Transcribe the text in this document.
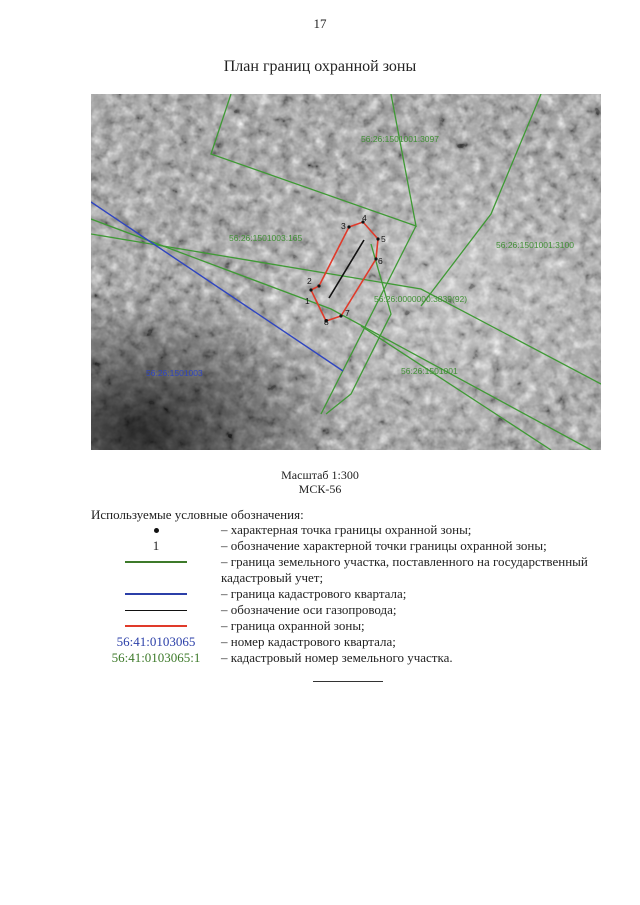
17
План границ охранной зоны
1
2
3
4
5
6
7
8
56:26:1501001:3097
56:26:1501003:165
56:26:1501001:3100
56:26:0000000:3839(92)
56:26:1501001
56:26:1501003
Масштаб 1:300
МСК-56
Используемые условные обозначения:
– характерная точка границы охранной зоны;
1	– обозначение характерной точки границы охранной зоны;
– граница земельного участка, поставленного на государственный кадастровый учет;
– граница кадастрового квартала;
– обозначение оси газопровода;
– граница охранной зоны;
56:41:0103065 – номер кадастрового квартала;
56:41:0103065:1 – кадастровый номер земельного участка.
